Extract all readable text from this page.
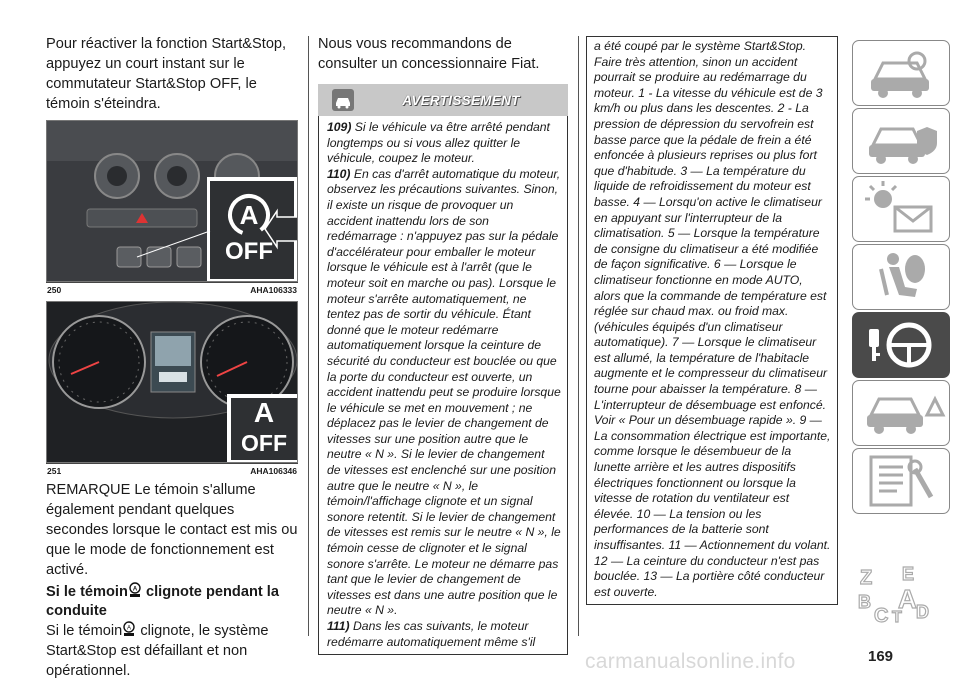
Pour réactiver la fonction Start&Stop, appuyez un court instant sur le commutateur Start&Stop OFF, le témoin s'éteindra.

A
OFF
250	AHA106333
A
OFF
251	AHA106346

REMARQUE Le témoin s'allume également pendant quelques secondes lorsque le contact est mis ou que le mode de fonctionnement est activé.

Si le témoin A clignote pendant la conduite

Si le témoin A clignote, le système Start&Stop est défaillant et non opérationnel.

Nous vous recommandons de consulter un concessionnaire Fiat.

AVERTISSEMENT

109) Si le véhicule va être arrêté pendant longtemps ou si vous allez quitter le véhicule, coupez le moteur.

110) En cas d'arrêt automatique du moteur, observez les précautions suivantes. Sinon, il existe un risque de provoquer un accident inattendu lors de son redémarrage : n'appuyez pas sur la pédale d'accélérateur pour emballer le moteur lorsque le véhicule est à l'arrêt (que le moteur soit en marche ou pas). Lorsque le moteur s'arrête automatiquement, ne tentez pas de sortir du véhicule. Étant donné que le moteur redémarre automatiquement lorsque la ceinture de sécurité du conducteur est bouclée ou que la porte du conducteur est ouverte, un accident inattendu peut se produire lorsque le véhicule se met en mouvement ; ne déplacez pas le levier de changement de vitesses sur une position autre que le neutre « N ». Si le levier de changement de vitesses est enclenché sur une position autre que le neutre « N », le témoin/l'affichage clignote et un signal sonore retentit. Si le levier de changement de vitesses est remis sur le neutre « N », le témoin cesse de clignoter et le signal sonore s'arrête. Le moteur ne démarre pas tant que le levier de changement de vitesses est dans une autre position que le neutre « N ».

111) Dans les cas suivants, le moteur redémarre automatiquement même s'il

a été coupé par le système Start&Stop. Faire très attention, sinon un accident pourrait se produire au redémarrage du moteur. 1 - La vitesse du véhicule est de 3 km/h ou plus dans les descentes. 2 - La pression de dépression du servofrein est basse parce que la pédale de frein a été enfoncée à plusieurs reprises ou plus fort que d'habitude. 3 — La température du liquide de refroidissement du moteur est basse. 4 — Lorsqu'on active le climatiseur en appuyant sur l'interrupteur de la climatisation. 5 — Lorsque la température de consigne du climatiseur a été modifiée de façon significative. 6 — Lorsque le climatiseur fonctionne en mode AUTO, alors que la commande de température est réglée sur chaud max. ou froid max. (véhicules équipés d'un climatiseur automatique). 7 — Lorsque le climatiseur est allumé, la température de l'habitacle augmente et le compresseur du climatiseur tourne pour abaisser la température. 8 — L'interrupteur de désembuage est enfoncé. Voir « Pour un désembuage rapide ». 9 — La consommation électrique est importante, comme lorsque le désembueur de la lunette arrière et les autres dispositifs électriques fonctionnent ou lorsque la vitesse de rotation du ventilateur est élevée. 10 — La tension ou les performances de la batterie sont insuffisantes. 11 — Actionnement du volant. 12 — La ceinture du conducteur n'est pas bouclée. 13 — La portière côté conducteur est ouverte.

Z E
B A
C T D
carmanualsonline.info	169
